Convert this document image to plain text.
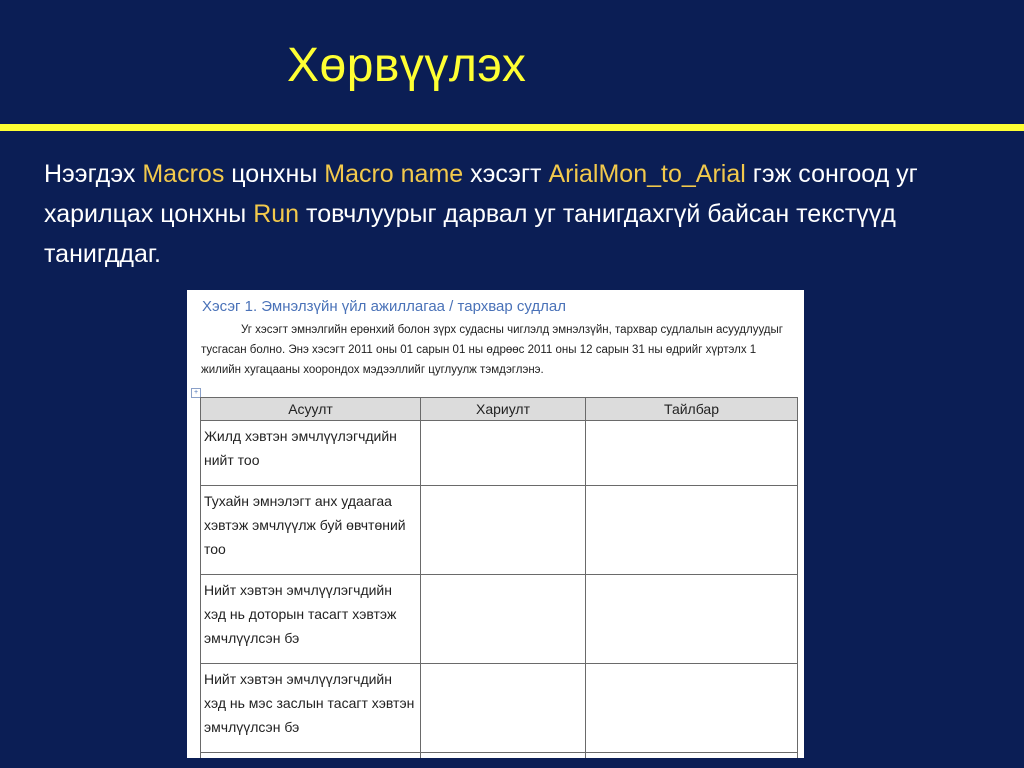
Хөрвүүлэх
Нээгдэх Macros цонхны Macro name хэсэгт ArialMon_to_Arial гэж сонгоод уг харилцах цонхны Run товчлуурыг дарвал уг танигдахгүй байсан текстүүд танигддаг.
Хэсэг 1. Эмнэлзүйн үйл ажиллагаа / тархвар судлал
Уг хэсэгт эмнэлгийн ерөнхий болон зүрх судасны чиглэлд эмнэлзүйн, тархвар судлалын асуудлуудыг тусгасан болно. Энэ хэсэгт 2011 оны 01 сарын 01 ны өдрөөс 2011 оны 12 сарын 31 ны өдрийг хүртэлх 1 жилийн хугацааны хоорондох мэдээллийг цуглуулж тэмдэглэнэ.
+
Асуулт	Хариулт	Тайлбар
Жилд хэвтэн эмчлүүлэгчдийн нийт тоо		
Тухайн эмнэлэгт анх удаагаа хэвтэж эмчлүүлж буй өвчтөний тоо		
Нийт хэвтэн эмчлүүлэгчдийн хэд нь доторын тасагт хэвтэж эмчлүүлсэн бэ		
Нийт хэвтэн эмчлүүлэгчдийн хэд нь мэс заслын тасагт хэвтэн эмчлүүлсэн бэ		
